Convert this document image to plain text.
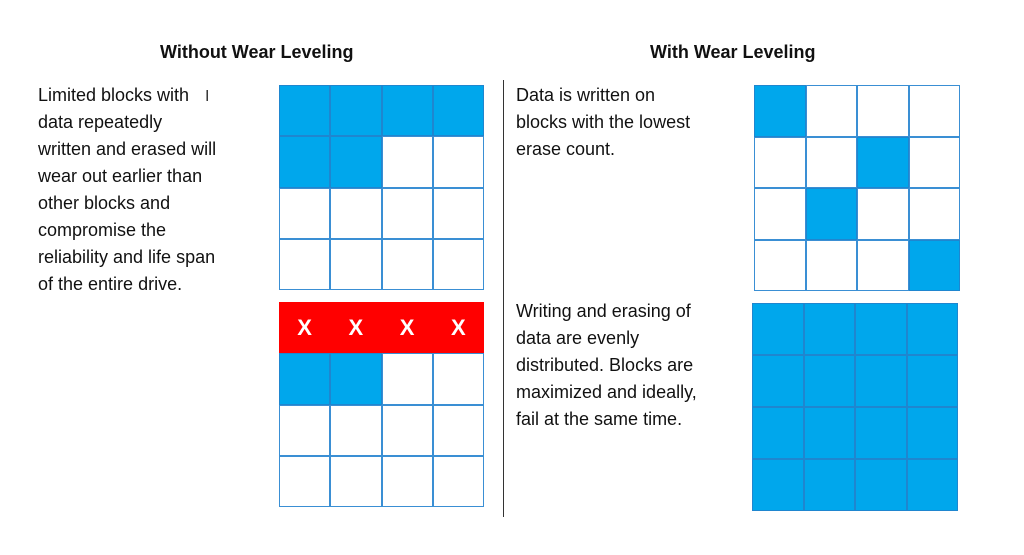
Without Wear Leveling	With Wear Leveling
Limited blocks with
data repeatedly
written and erased will
wear out earlier than
other blocks and
compromise the
reliability and life span
of the entire drive.
I	Data is written on
blocks with the lowest
erase count.
Writing and erasing of
data are evenly
distributed. Blocks are
maximized and ideally,
fail at the same time.
X X X X
